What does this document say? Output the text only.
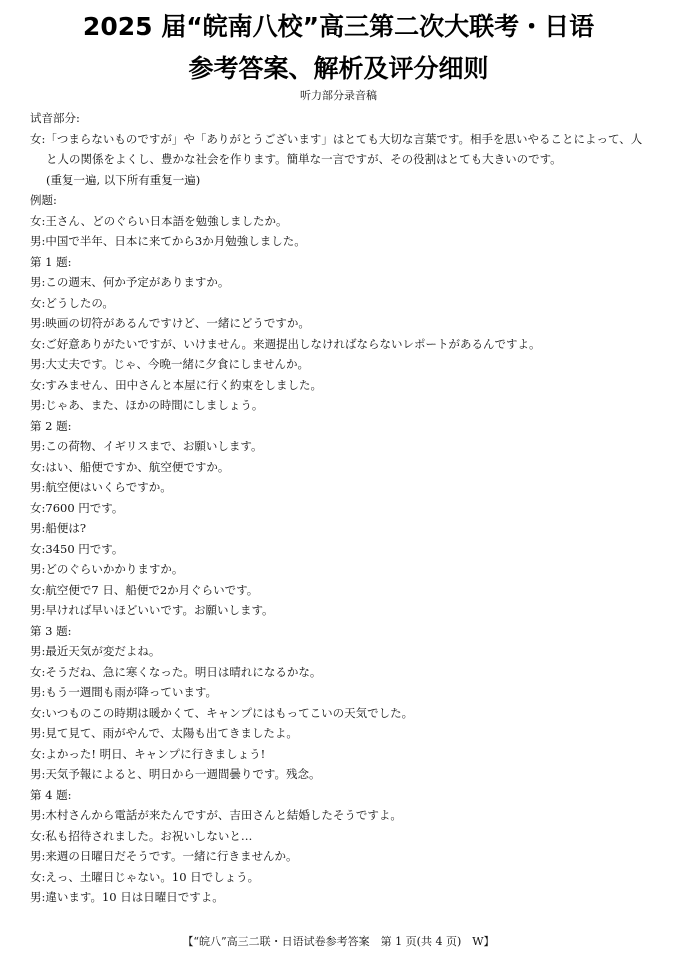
2025 届“皖南八校”高三第二次大联考・日语
参考答案、解析及评分细则
听力部分录音稿
试音部分:
女:「つまらないものですが」や「ありがとうございます」はとても大切な言葉です。相手を思いやることによって、人と人の関係をよくし、豊かな社会を作ります。簡単な一言ですが、その役割はとても大きいのです。
(重复一遍, 以下所有重复一遍)
例题:
女:王さん、どのぐらい日本語を勉強しましたか。
男:中国で半年、日本に来てから3か月勉強しました。
第 1 题:
男:この週末、何か予定がありますか。
女:どうしたの。
男:映画の切符があるんですけど、一緒にどうですか。
女:ご好意ありがたいですが、いけません。来週提出しなければならないレポートがあるんですよ。
男:大丈夫です。じゃ、今晩一緒に夕食にしませんか。
女:すみません、田中さんと本屋に行く約束をしました。
男:じゃあ、また、ほかの時間にしましょう。
第 2 题:
男:この荷物、イギリスまで、お願いします。
女:はい、船便ですか、航空便ですか。
男:航空便はいくらですか。
女:7600 円です。
男:船便は?
女:3450 円です。
男:どのぐらいかかりますか。
女:航空便で7 日、船便で2か月ぐらいです。
男:早ければ早いほどいいです。お願いします。
第 3 题:
男:最近天気が変だよね。
女:そうだね、急に寒くなった。明日は晴れになるかな。
男:もう一週間も雨が降っています。
女:いつものこの時期は暖かくて、キャンプにはもってこいの天気でした。
男:見て見て、雨がやんで、太陽も出てきましたよ。
女:よかった! 明日、キャンプに行きましょう!
男:天気予報によると、明日から一週間曇りです。残念。
第 4 题:
男:木村さんから電話が来たんですが、吉田さんと結婚したそうですよ。
女:私も招待されました。お祝いしないと…
男:来週の日曜日だそうです。一緒に行きませんか。
女:えっ、土曜日じゃない。10 日でしょう。
男:違います。10 日は日曜日ですよ。
【“皖八”高三二联・日语试卷参考答案　第 1 页(共 4 页)　W】
